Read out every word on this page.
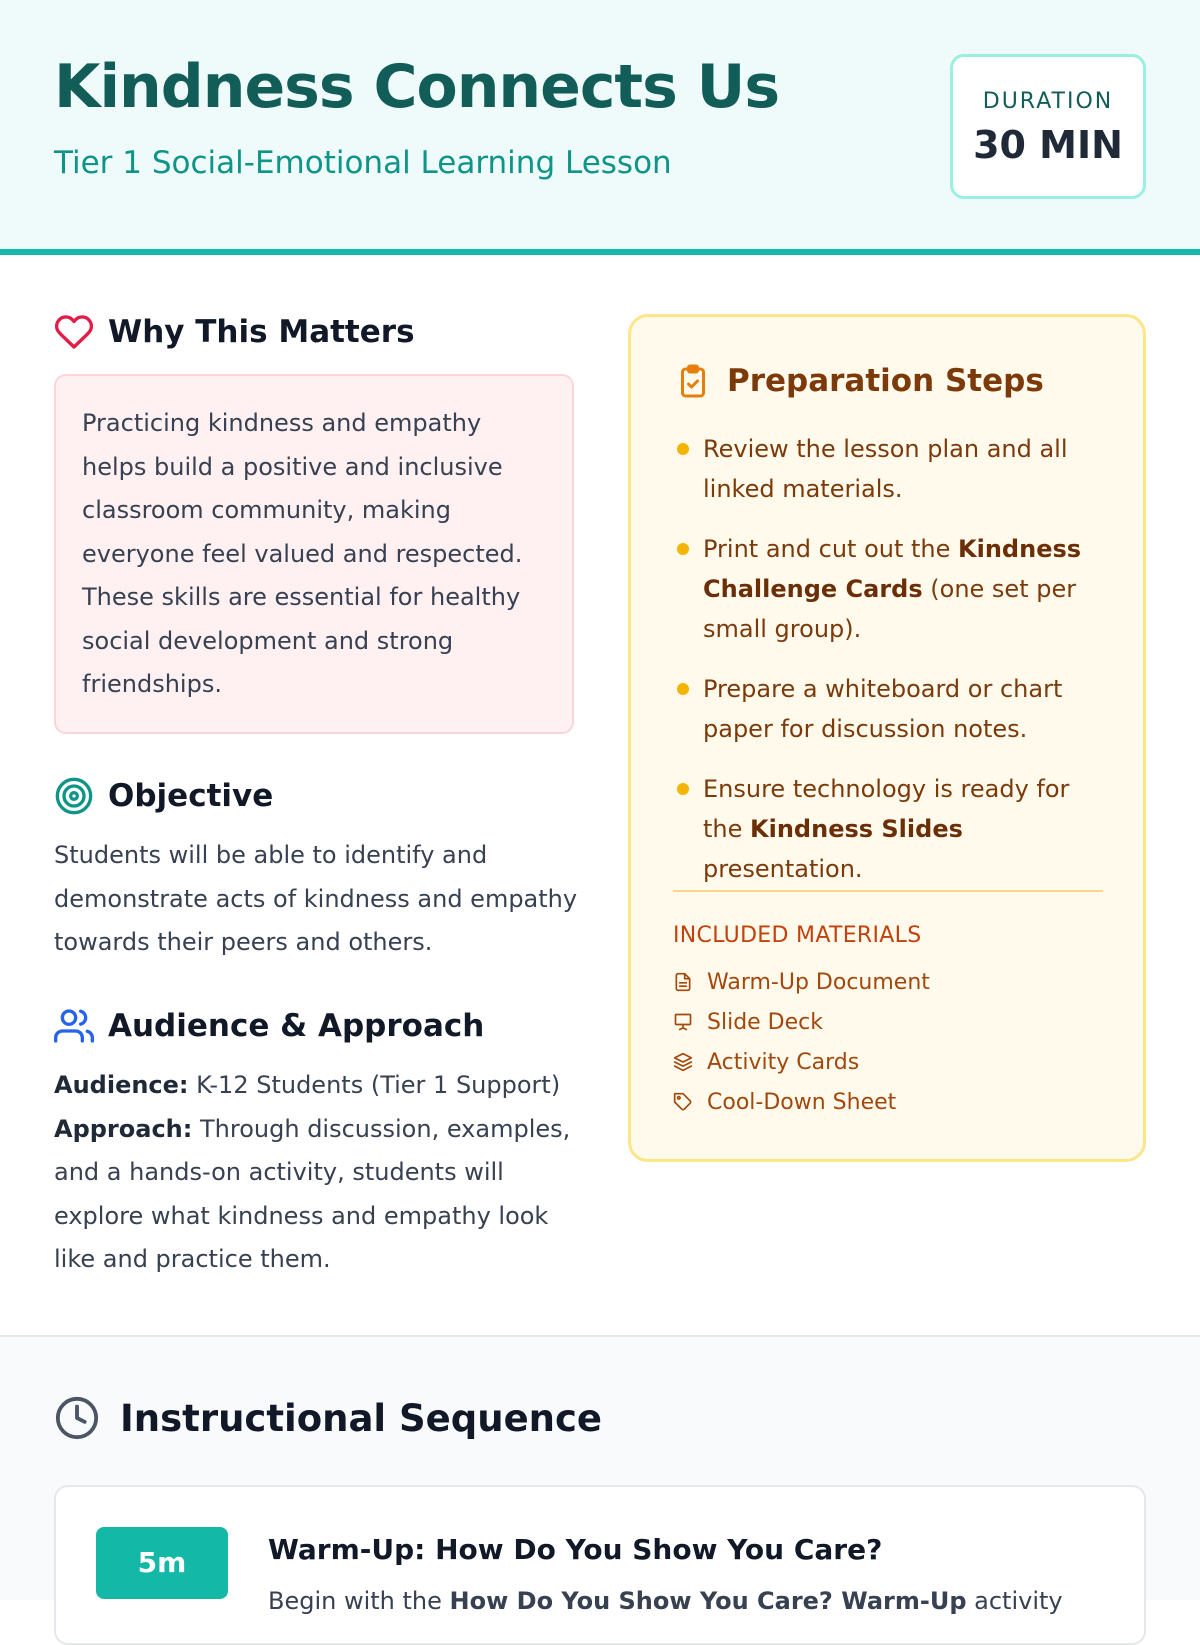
Kindness Connects Us
Tier 1 Social-Emotional Learning Lesson
DURATION
30 MIN
Why This Matters

Practicing kindness and empathy helps build a positive and inclusive classroom community, making everyone feel valued and respected. These skills are essential for healthy social development and strong friendships.

Objective

Students will be able to identify and demonstrate acts of kindness and empathy towards their peers and others.

Audience & Approach
Audience: K-12 Students (Tier 1 Support)
Approach: Through discussion, examples, and a hands-on activity, students will explore what kindness and empathy look like and practice them.
Preparation Steps
Review the lesson plan and all linked materials.
Print and cut out the Kindness Challenge Cards (one set per small group).
Prepare a whiteboard or chart paper for discussion notes.
Ensure technology is ready for the Kindness Slides presentation.
INCLUDED MATERIALS
Warm-Up Document
Slide Deck
Activity Cards
Cool-Down Sheet
Instructional Sequence
5m	Warm-Up: How Do You Show You Care?
Begin with the How Do You Show You Care? Warm-Up activity
